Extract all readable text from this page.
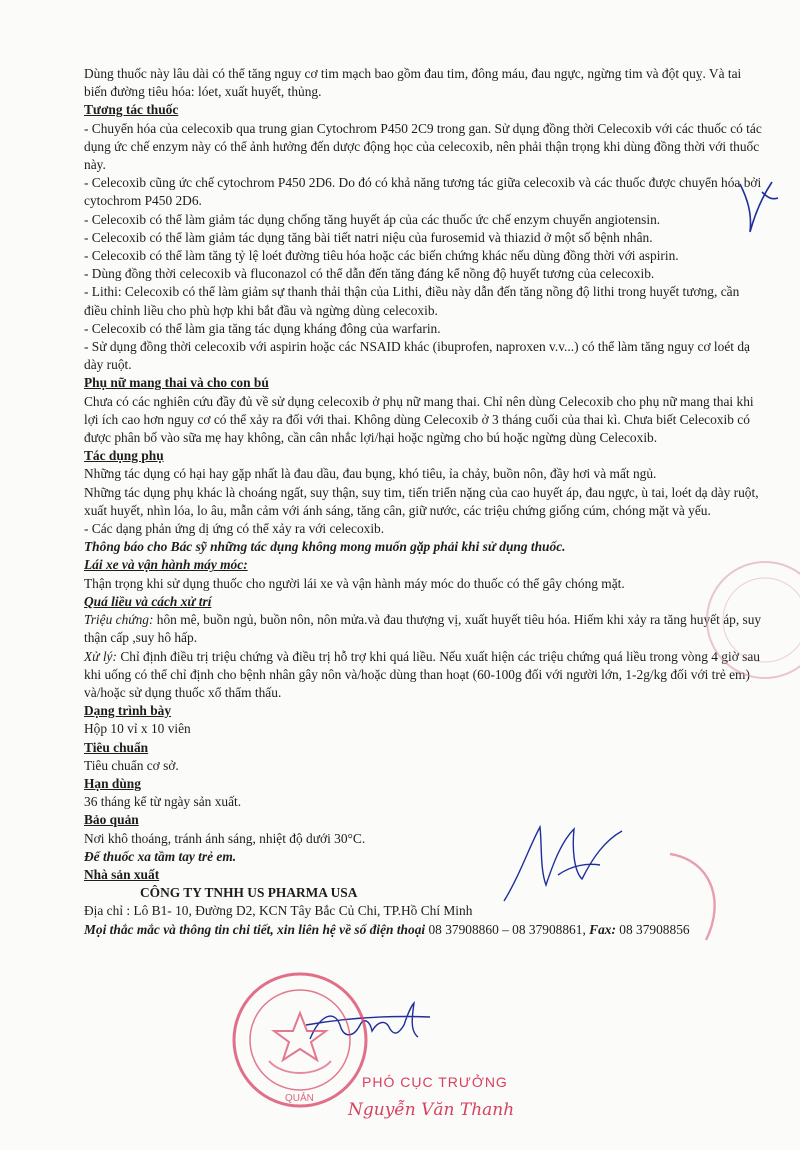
Dùng thuốc này lâu dài có thể tăng nguy cơ tim mạch bao gồm đau tim, đông máu, đau ngực, ngừng tim và đột quỵ. Và tai biến đường tiêu hóa: lóet, xuất huyết, thủng.
Tương tác thuốc
- Chuyển hóa của celecoxib qua trung gian Cytochrom P450 2C9 trong gan. Sử dụng đồng thời Celecoxib với các thuốc có tác dụng ức chế enzym này có thể ảnh hưởng đến dược động học của celecoxib, nên phải thận trọng khi dùng đồng thời với thuốc này.
- Celecoxib cũng ức chế cytochrom P450 2D6. Do đó có khả năng tương tác giữa celecoxib và các thuốc được chuyển hóa bởi cytochrom P450 2D6.
- Celecoxib có thể làm giảm tác dụng chống tăng huyết áp của các thuốc ức chế enzym chuyển angiotensin.
- Celecoxib có thể làm giảm tác dụng tăng bài tiết natri niệu của furosemid và thiazid ở một số bệnh nhân.
- Celecoxib có thể làm tăng tỷ lệ loét đường tiêu hóa hoặc các biến chứng khác nếu dùng đồng thời với aspirin.
- Dùng đồng thời celecoxib và fluconazol có thể dẫn đến tăng đáng kể nồng độ huyết tương của celecoxib.
- Lithi: Celecoxib có thể làm giảm sự thanh thải thận của Lithi, điều này dẫn đến tăng nồng độ lithi trong huyết tương, cần điều chỉnh liều cho phù hợp khi bắt đầu và ngừng dùng celecoxib.
- Celecoxib có thể làm gia tăng tác dụng kháng đông của warfarin.
- Sử dụng đồng thời celecoxib với aspirin hoặc các NSAID khác (ibuprofen, naproxen v.v...) có thể làm tăng nguy cơ loét dạ dày ruột.
Phụ nữ mang thai và cho con bú
Chưa có các nghiên cứu đầy đủ về sử dụng celecoxib ở phụ nữ mang thai. Chỉ nên dùng Celecoxib cho phụ nữ mang thai khi lợi ích cao hơn nguy cơ có thể xảy ra đối với thai. Không dùng Celecoxib ở 3 tháng cuối của thai kì. Chưa biết Celecoxib có được phân bố vào sữa mẹ hay không, cần cân nhắc lợi/hại hoặc ngừng cho bú hoặc ngừng dùng Celecoxib.
Tác dụng phụ
Những tác dụng có hại hay gặp nhất là đau dầu, đau bụng, khó tiêu, ỉa chảy, buồn nôn, đầy hơi và mất ngủ.
Những tác dụng phụ khác là choáng ngất, suy thận, suy tim, tiến triển nặng của cao huyết áp, đau ngực, ù tai, loét dạ dày ruột, xuất huyết, nhìn lóa, lo âu, mẫn cảm với ánh sáng, tăng cân, giữ nước, các triệu chứng giống cúm, chóng mặt và yếu.
- Các dạng phản ứng dị ứng có thể xảy ra với celecoxib.
Thông báo cho Bác sỹ những tác dụng không mong muốn gặp phải khi sử dụng thuốc.
Lái xe và vận hành máy móc:
Thận trọng khi sử dụng thuốc cho người lái xe và vận hành máy móc do thuốc có thể gây chóng mặt.
Quá liều và cách xử trí
Triệu chứng: hôn mê, buồn ngủ, buồn nôn, nôn mửa.và đau thượng vị, xuất huyết tiêu hóa. Hiếm khi xảy ra tăng huyết áp, suy thận cấp ,suy hô hấp.
Xử lý: Chỉ định điều trị triệu chứng và điều trị hỗ trợ khi quá liều. Nếu xuất hiện các triệu chứng quá liều trong vòng 4 giờ sau khi uống có thể chỉ định cho bệnh nhân gây nôn và/hoặc dùng than hoạt (60-100g đối với người lớn, 1-2g/kg đối với trẻ em) và/hoặc sử dụng thuốc xổ thẩm thấu.
Dạng trình bày
Hộp 10 vỉ x 10 viên
Tiêu chuẩn
Tiêu chuẩn cơ sở.
Hạn dùng
36 tháng kể từ ngày sản xuất.
Bảo quản
Nơi khô thoáng, tránh ánh sáng, nhiệt độ dưới 30°C.
Để thuốc xa tầm tay trẻ em.
Nhà sản xuất
CÔNG TY TNHH US PHARMA USA
Địa chỉ : Lô B1- 10, Đường D2, KCN Tây Bắc Củ Chi, TP.Hồ Chí Minh
Mọi thắc mắc và thông tin chi tiết, xin liên hệ về số điện thoại 08 37908860 – 08 37908861, Fax: 08 37908856
QUẢN
PHÓ CỤC TRƯỞNG
Nguyễn Văn Thanh
